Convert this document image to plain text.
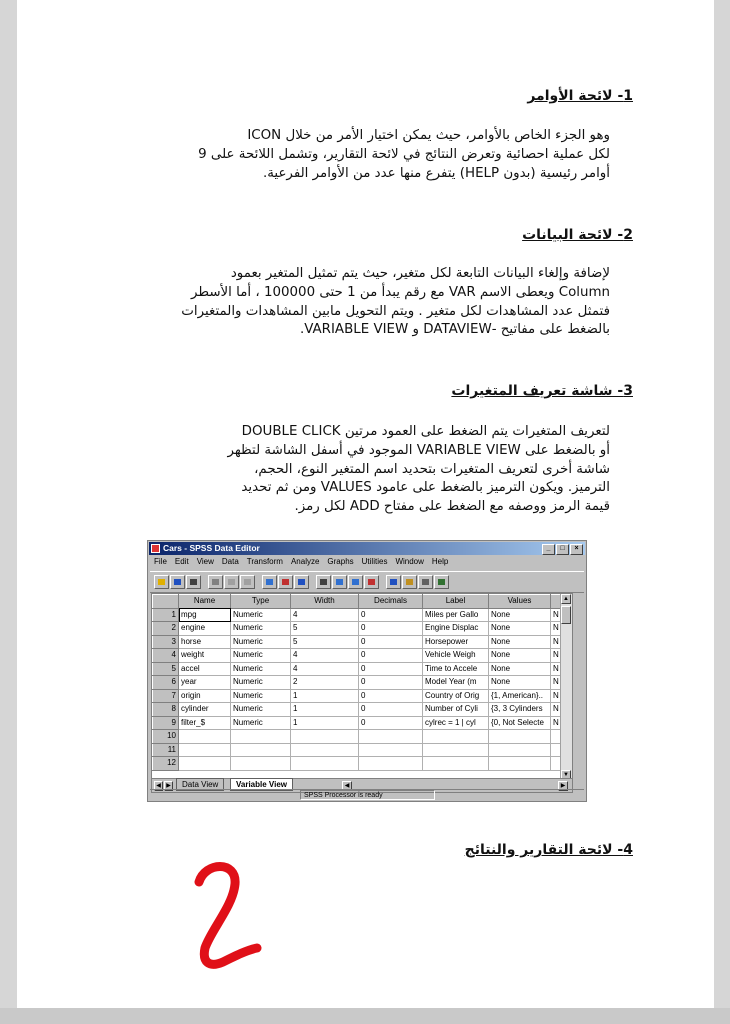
1- لائحة الأوامر
وهو الجزء الخاص بالأوامر، حيث يمكن اختيار الأمر من خلال ICON
لكل عملية احصائية وتعرض النتائج في لائحة التقارير، وتشمل اللائحة على 9
أوامر رئيسية (بدون HELP) يتفرع منها عدد من الأوامر الفرعية.
2- لائحة البيانات
لإضافة وإلغاء البيانات التابعة لكل متغير، حيث يتم تمثيل المتغير بعمود
Column ويعطى الاسم VAR مع رقم يبدأ من 1 حتى 100000 ، أما الأسطر
فتمثل عدد المشاهدات لكل متغير . ويتم التحويل مابين المشاهدات والمتغيرات
بالضغط على مفاتيح -DATAVIEW و VARIABLE VIEW.
3- شاشة تعريف المتغيرات
لتعريف المتغيرات يتم الضغط على العمود مرتين DOUBLE CLICK
أو بالضغط على VARIABLE VIEW الموجود في أسفل الشاشة لتظهر
شاشة أخرى لتعريف المتغيرات بتحديد اسم المتغير النوع، الحجم،
الترميز. ويكون الترميز بالضغط على عامود VALUES ومن ثم تحديد
قيمة الرمز ووصفه مع الضغط على مفتاح ADD لكل رمز.
Cars - SPSS Data Editor	_	□	×
File Edit View Data Transform Analyze Graphs Utilities Window Help
	Name	Type	Width	Decimals	Label	Values	
1	mpg	Numeric	4	0	Miles per Gallo	None	N
2	engine	Numeric	5	0	Engine Displac	None	N
3	horse	Numeric	5	0	Horsepower	None	N
4	weight	Numeric	4	0	Vehicle Weigh	None	N
5	accel	Numeric	4	0	Time to Accele	None	N
6	year	Numeric	2	0	Model Year (m	None	N
7	origin	Numeric	1	0	Country of Orig	{1, American}..	N
8	cylinder	Numeric	1	0	Number of Cyli	{3, 3 Cylinders	N
9	filter_$	Numeric	1	0	cylrec = 1 | cyl	{0, Not Selecte	N
10							
11							
12							
▲
▼
◀ ▶	Data View	Variable View	◀	▶
SPSS Processor is ready
4- لائحة التقارير والنتائج
